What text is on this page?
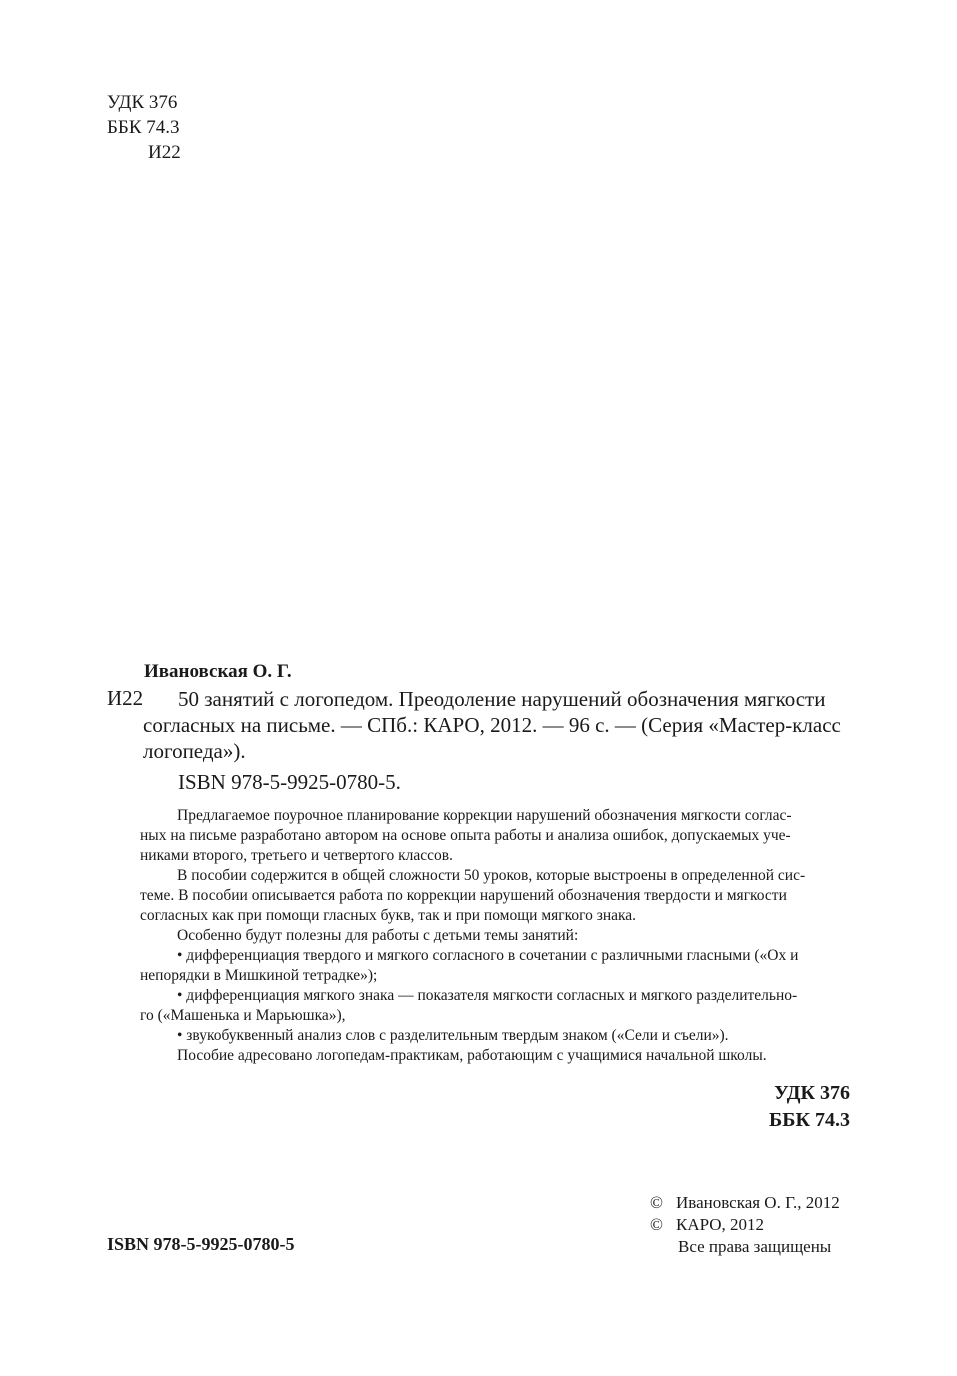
УДК 376
ББК 74.3
И22
Ивановская О. Г.
И22 50 занятий с логопедом. Преодоление нарушений обозначения мягкости

согласных на письме. — СПб.: КАРО, 2012. — 96 с. — (Серия «Мастер-класс

логопеда»).

ISBN 978-5-9925-0780-5.
Предлагаемое поурочное планирование коррекции нарушений обозначения мягкости соглас-
ных на письме разработано автором на основе опыта работы и анализа ошибок, допускаемых уче-
никами второго, третьего и четвертого классов.
В пособии содержится в общей сложности 50 уроков, которые выстроены в определенной сис-
теме. В пособии описывается работа по коррекции нарушений обозначения твердости и мягкости
согласных как при помощи гласных букв, так и при помощи мягкого знака.
Особенно будут полезны для работы с детьми темы занятий:
• дифференциация твердого и мягкого согласного в сочетании с различными гласными («Ох и
непорядки в Мишкиной тетрадке»);
• дифференциация мягкого знака — показателя мягкости согласных и мягкого разделительно-
го («Машенька и Марьюшка»),
• звукобуквенный анализ слов с разделительным твердым знаком («Сели и съели»).
Пособие адресовано логопедам-практикам, работающим с учащимися начальной школы.
УДК 376
ББК 74.3
© Ивановская О. Г., 2012
© КАРО, 2012
Все права защищены
ISBN 978-5-9925-0780-5
